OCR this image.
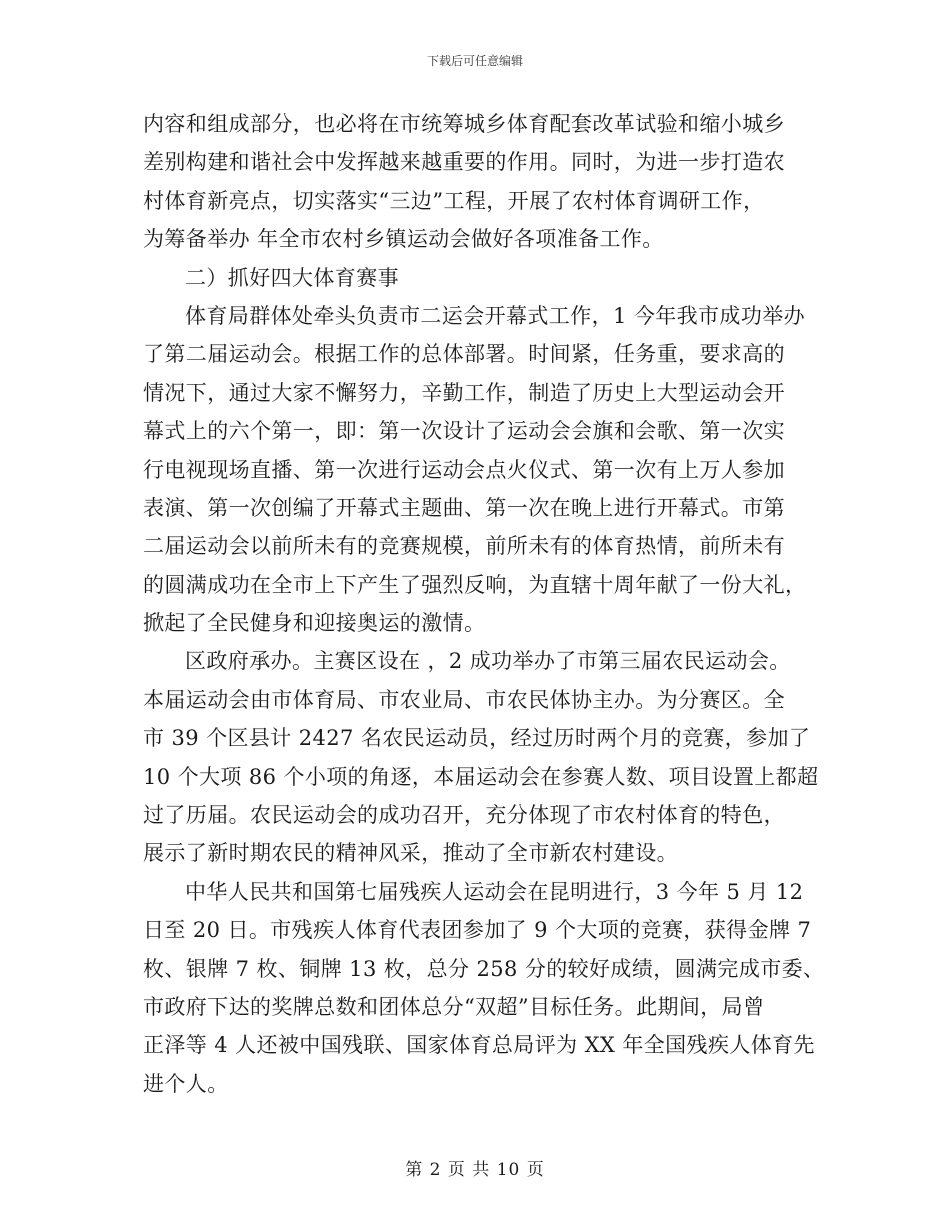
下载后可任意编辑
内容和组成部分，也必将在市统筹城乡体育配套改革试验和缩小城乡
差别构建和谐社会中发挥越来越重要的作用。同时，为进一步打造农
村体育新亮点，切实落实“三边”工程，开展了农村体育调研工作，
为筹备举办 年全市农村乡镇运动会做好各项准备工作。
二）抓好四大体育赛事
体育局群体处牵头负责市二运会开幕式工作，1 今年我市成功举办
了第二届运动会。根据工作的总体部署。时间紧，任务重，要求高的
情况下，通过大家不懈努力，辛勤工作，制造了历史上大型运动会开
幕式上的六个第一，即：第一次设计了运动会会旗和会歌、第一次实
行电视现场直播、第一次进行运动会点火仪式、第一次有上万人参加
表演、第一次创编了开幕式主题曲、第一次在晚上进行开幕式。市第
二届运动会以前所未有的竞赛规模，前所未有的体育热情，前所未有
的圆满成功在全市上下产生了强烈反响，为直辖十周年献了一份大礼，
掀起了全民健身和迎接奥运的激情。
区政府承办。主赛区设在 ，2 成功举办了市第三届农民运动会。
本届运动会由市体育局、市农业局、市农民体协主办。为分赛区。全
市 39 个区县计 2427 名农民运动员，经过历时两个月的竞赛，参加了
10 个大项 86 个小项的角逐，本届运动会在参赛人数、项目设置上都超
过了历届。农民运动会的成功召开，充分体现了市农村体育的特色，
展示了新时期农民的精神风采，推动了全市新农村建设。
中华人民共和国第七届残疾人运动会在昆明进行，3 今年 5 月 12
日至 20 日。市残疾人体育代表团参加了 9 个大项的竞赛，获得金牌 7
枚、银牌 7 枚、铜牌 13 枚，总分 258 分的较好成绩，圆满完成市委、
市政府下达的奖牌总数和团体总分“双超”目标任务。此期间，局曾
正泽等 4 人还被中国残联、国家体育总局评为 XX 年全国残疾人体育先
进个人。
第 2 页 共 10 页
